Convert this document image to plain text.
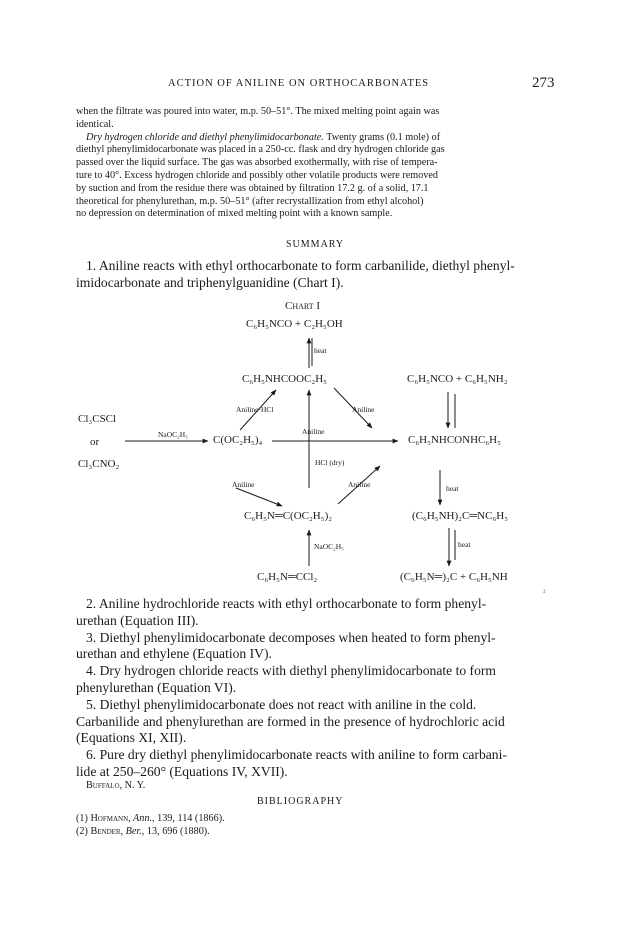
ACTION OF ANILINE ON ORTHOCARBONATES	273

when the filtrate was poured into water, m.p. 50–51°. The mixed melting point again was

identical.

Dry hydrogen chloride and diethyl phenylimidocarbonate. Twenty grams (0.1 mole) of

diethyl phenylimidocarbonate was placed in a 250-cc. flask and dry hydrogen chloride gas

passed over the liquid surface. The gas was absorbed exothermally, with rise of tempera-

ture to 40°. Excess hydrogen chloride and possibly other volatile products were removed

by suction and from the residue there was obtained by filtration 17.2 g. of a solid, 17.1

theoretical for phenylurethan, m.p. 50–51° (after recrystallization from ethyl alcohol)

no depression on determination of mixed melting point with a known sample.

SUMMARY

1. Aniline reacts with ethyl orthocarbonate to form carbanilide, diethyl phenyl-

imidocarbonate and triphenylguanidine (Chart I).

Chart I
C₆H₅NCO + C₂H₅OH
heat
C₆H₅NHCOOC₂H₅	C₆H₅NCO + C₆H₅NH₂
Aniline·HCl	Aniline
Cl₃CSCl
or
Cl₃CNO₂
NaOC₂H₅ C(OC₂H₅)₄
Aniline
C₆H₅NHCONHC₆H₅
HCl (dry)
Aniline	Aniline	heat
C₆H₅N═C(OC₂H₅)₂	(C₆H₅NH)₂C═NC₆H₅
NaOC₂H₅	heat
C₆H₅N═CCl₂	(C₆H₅N═)₂C + C₆H₅NH
₂

2. Aniline hydrochloride reacts with ethyl orthocarbonate to form phenyl-

urethan (Equation III).

3. Diethyl phenylimidocarbonate decomposes when heated to form phenyl-

urethan and ethylene (Equation IV).

4. Dry hydrogen chloride reacts with diethyl phenylimidocarbonate to form

phenylurethan (Equation VI).

5. Diethyl phenylimidocarbonate does not react with aniline in the cold.

Carbanilide and phenylurethan are formed in the presence of hydrochloric acid

(Equations XI, XII).

6. Pure dry diethyl phenylimidocarbonate reacts with aniline to form carbani-

lide at 250–260° (Equations IV, XVII).

Buffalo, N. Y.
BIBLIOGRAPHY

(1) Hofmann, Ann., 139, 114 (1866).

(2) Bender, Ber., 13, 696 (1880).
